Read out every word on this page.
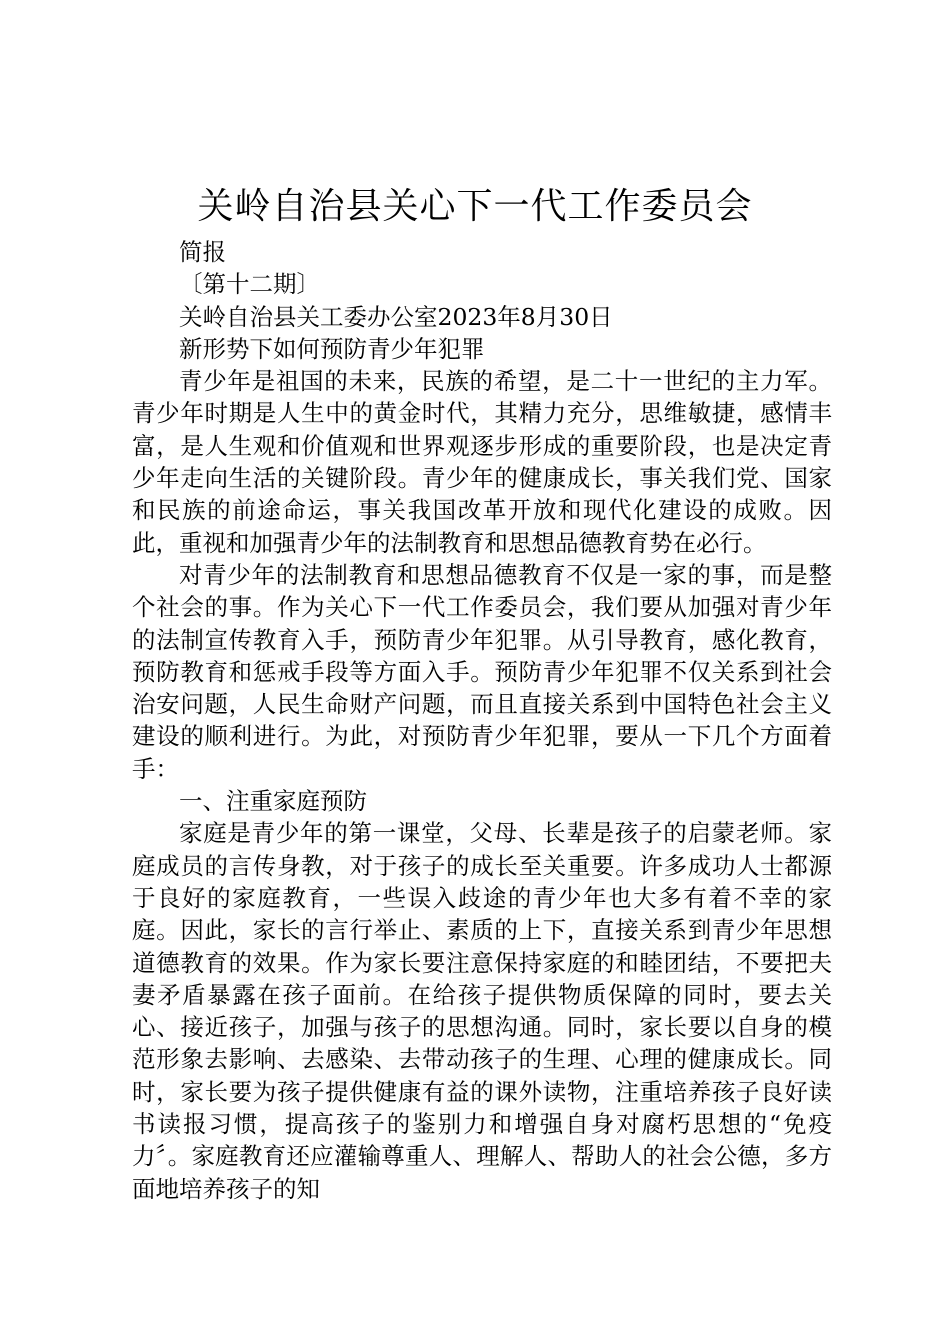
关岭自治县关心下一代工作委员会

简报

〔第十二期〕

关岭自治县关工委办公室2023年8月30日

新形势下如何预防青少年犯罪

青少年是祖国的未来，民族的希望，是二十一世纪的主力军。青少年时期是人生中的黄金时代，其精力充分，思维敏捷，感情丰富，是人生观和价值观和世界观逐步形成的重要阶段，也是决定青少年走向生活的关键阶段。青少年的健康成长，事关我们党、国家和民族的前途命运，事关我国改革开放和现代化建设的成败。因此，重视和加强青少年的法制教育和思想品德教育势在必行。

对青少年的法制教育和思想品德教育不仅是一家的事，而是整个社会的事。作为关心下一代工作委员会，我们要从加强对青少年的法制宣传教育入手，预防青少年犯罪。从引导教育，感化教育，预防教育和惩戒手段等方面入手。预防青少年犯罪不仅关系到社会治安问题，人民生命财产问题，而且直接关系到中国特色社会主义建设的顺利进行。为此，对预防青少年犯罪，要从一下几个方面着手：

一、注重家庭预防

家庭是青少年的第一课堂，父母、长辈是孩子的启蒙老师。家庭成员的言传身教，对于孩子的成长至关重要。许多成功人士都源于良好的家庭教育，一些误入歧途的青少年也大多有着不幸的家庭。因此，家长的言行举止、素质的上下，直接关系到青少年思想道德教育的效果。作为家长要注意保持家庭的和睦团结，不要把夫妻矛盾暴露在孩子面前。在给孩子提供物质保障的同时，要去关心、接近孩子，加强与孩子的思想沟通。同时，家长要以自身的模范形象去影响、去感染、去带动孩子的生理、心理的健康成长。同时，家长要为孩子提供健康有益的课外读物，注重培养孩子良好读书读报习惯，提高孩子的鉴别力和增强自身对腐朽思想的“免疫力〞。家庭教育还应灌输尊重人、理解人、帮助人的社会公德，多方面地培养孩子的知
